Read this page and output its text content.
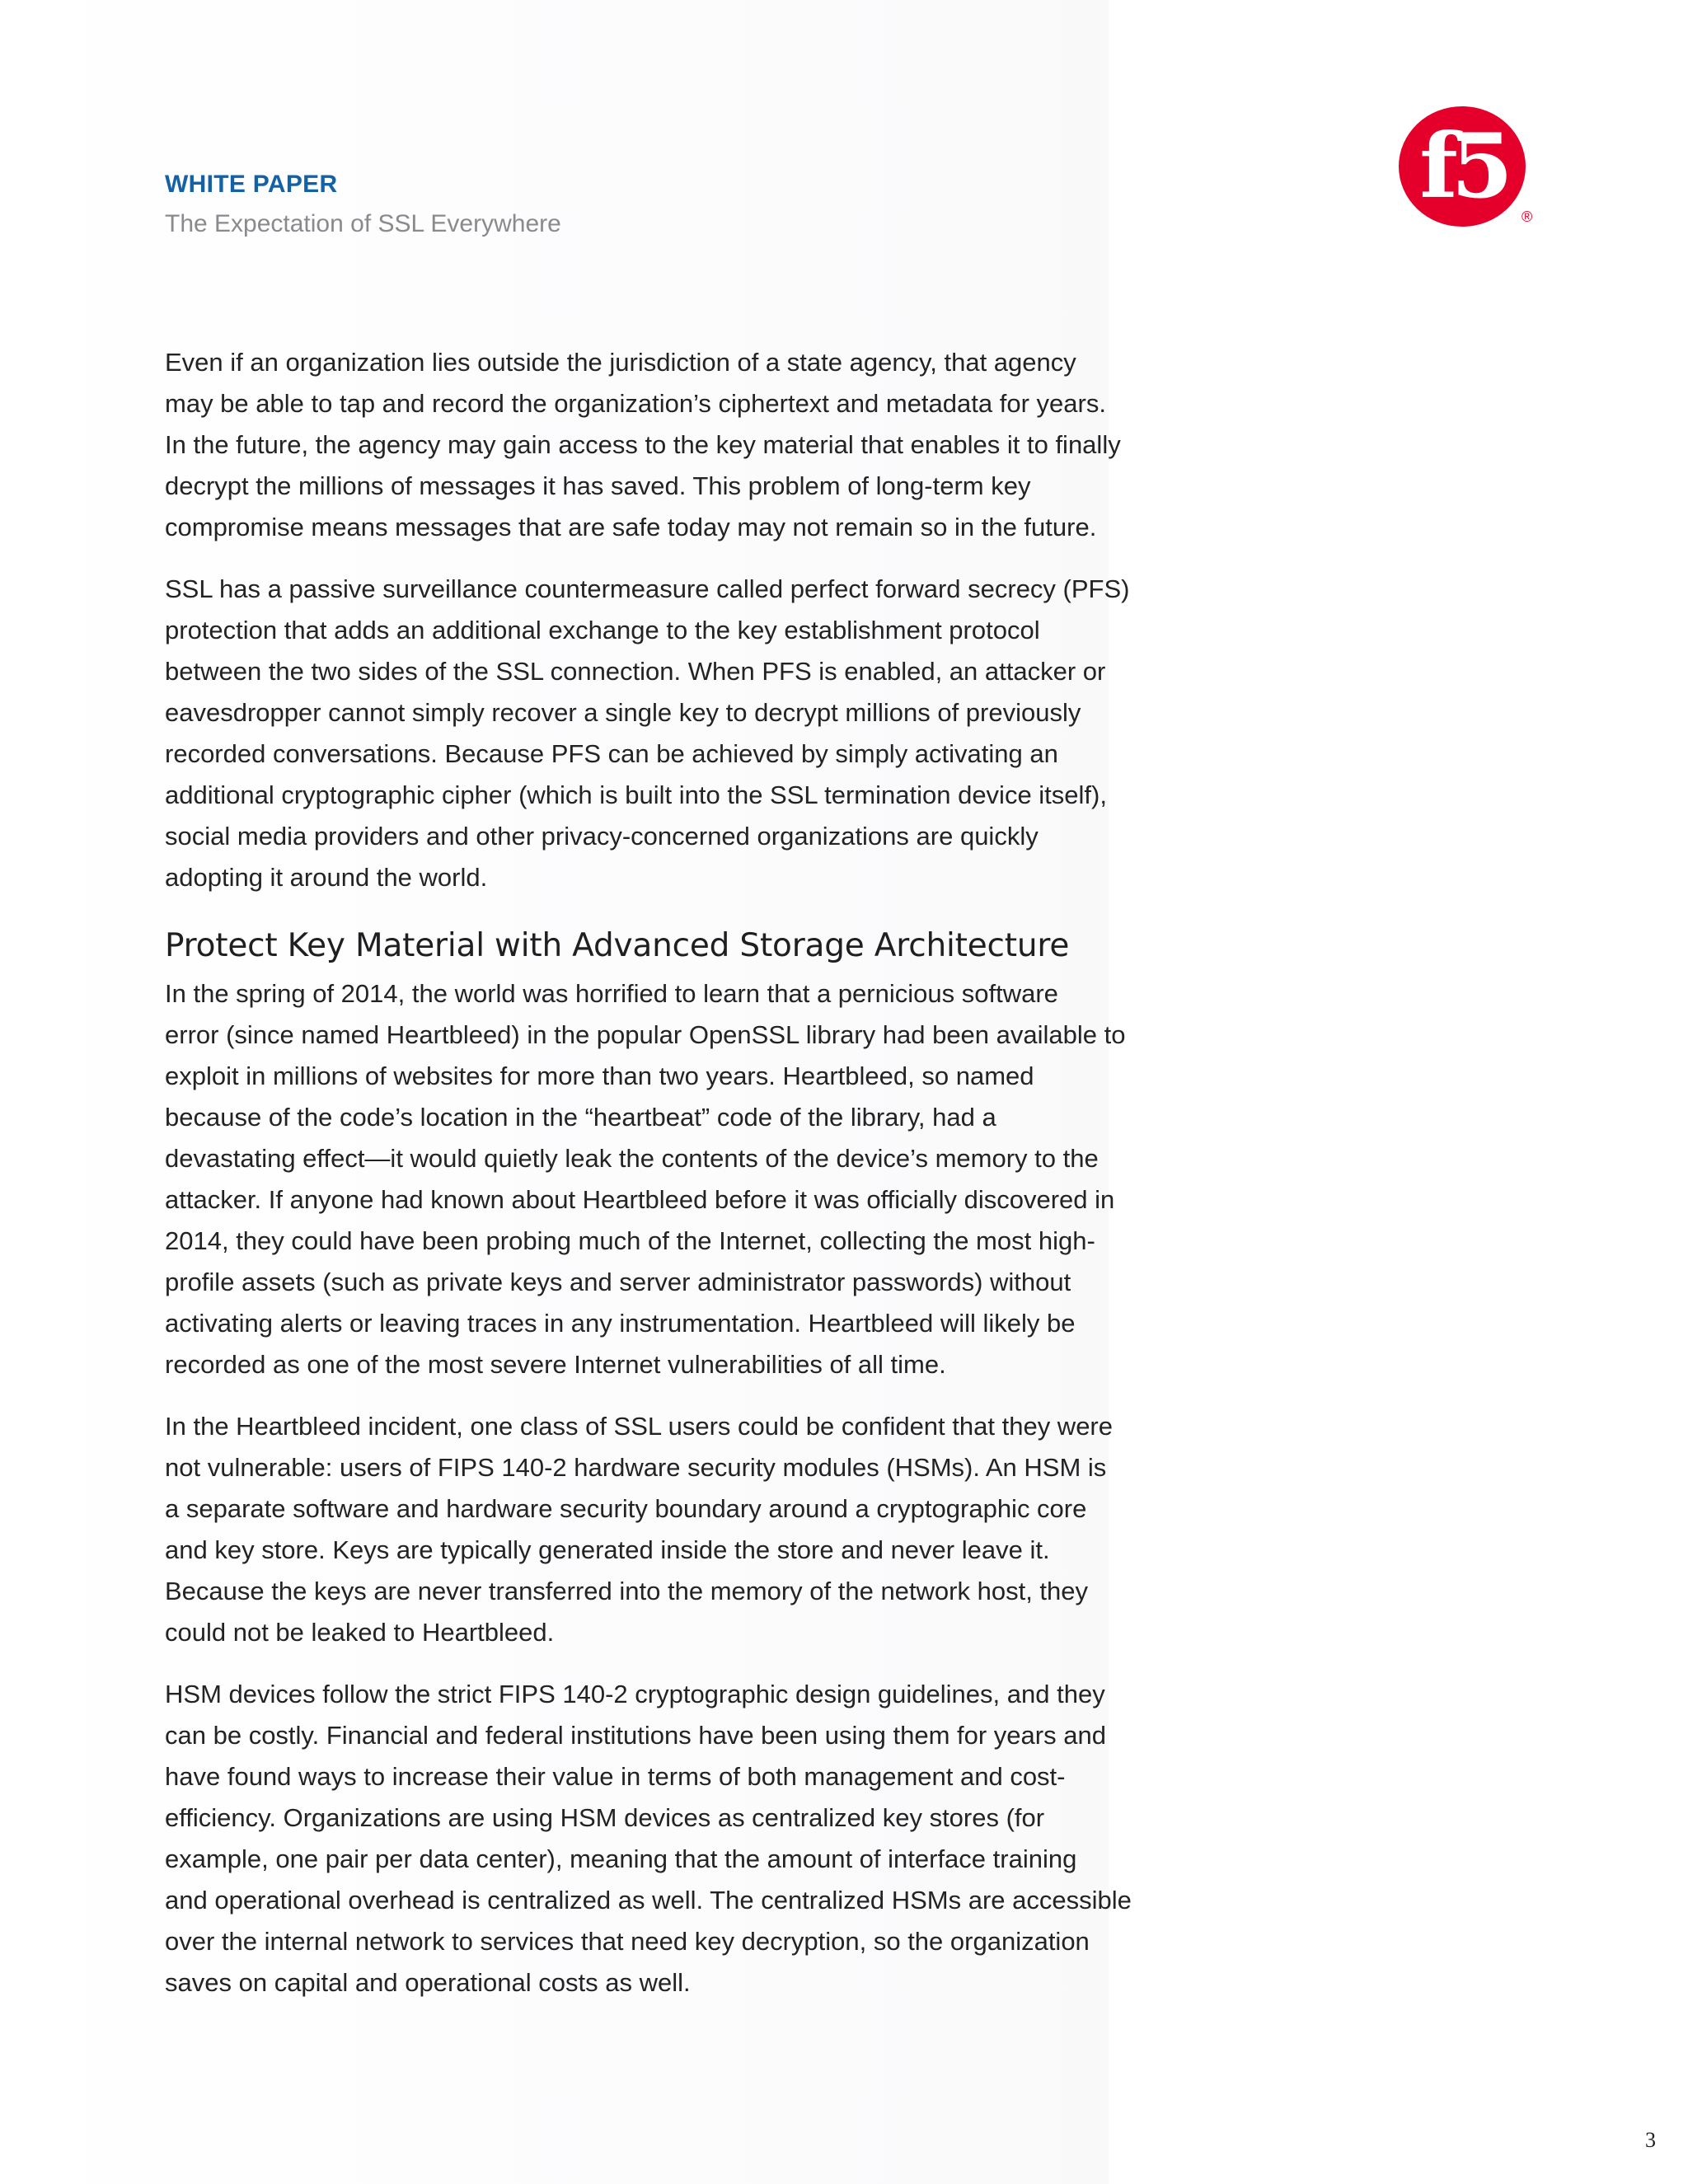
WHITE PAPER

The Expectation of SSL Everywhere

f5 ®

Even if an organization lies outside the jurisdiction of a state agency, that agency
may be able to tap and record the organization’s ciphertext and metadata for years.
In the future, the agency may gain access to the key material that enables it to finally
decrypt the millions of messages it has saved. This problem of long-term key
compromise means messages that are safe today may not remain so in the future.

SSL has a passive surveillance countermeasure called perfect forward secrecy (PFS)
protection that adds an additional exchange to the key establishment protocol
between the two sides of the SSL connection. When PFS is enabled, an attacker or
eavesdropper cannot simply recover a single key to decrypt millions of previously
recorded conversations. Because PFS can be achieved by simply activating an
additional cryptographic cipher (which is built into the SSL termination device itself),
social media providers and other privacy-concerned organizations are quickly
adopting it around the world.

Protect Key Material with Advanced Storage Architecture

In the spring of 2014, the world was horrified to learn that a pernicious software
error (since named Heartbleed) in the popular OpenSSL library had been available to
exploit in millions of websites for more than two years. Heartbleed, so named
because of the code’s location in the “heartbeat” code of the library, had a
devastating effect—it would quietly leak the contents of the device’s memory to the
attacker. If anyone had known about Heartbleed before it was officially discovered in
2014, they could have been probing much of the Internet, collecting the most high-
profile assets (such as private keys and server administrator passwords) without
activating alerts or leaving traces in any instrumentation. Heartbleed will likely be
recorded as one of the most severe Internet vulnerabilities of all time.

In the Heartbleed incident, one class of SSL users could be confident that they were
not vulnerable: users of FIPS 140-2 hardware security modules (HSMs). An HSM is
a separate software and hardware security boundary around a cryptographic core
and key store. Keys are typically generated inside the store and never leave it.
Because the keys are never transferred into the memory of the network host, they
could not be leaked to Heartbleed.

HSM devices follow the strict FIPS 140-2 cryptographic design guidelines, and they
can be costly. Financial and federal institutions have been using them for years and
have found ways to increase their value in terms of both management and cost-
efficiency. Organizations are using HSM devices as centralized key stores (for
example, one pair per data center), meaning that the amount of interface training
and operational overhead is centralized as well. The centralized HSMs are accessible
over the internal network to services that need key decryption, so the organization
saves on capital and operational costs as well.

3
